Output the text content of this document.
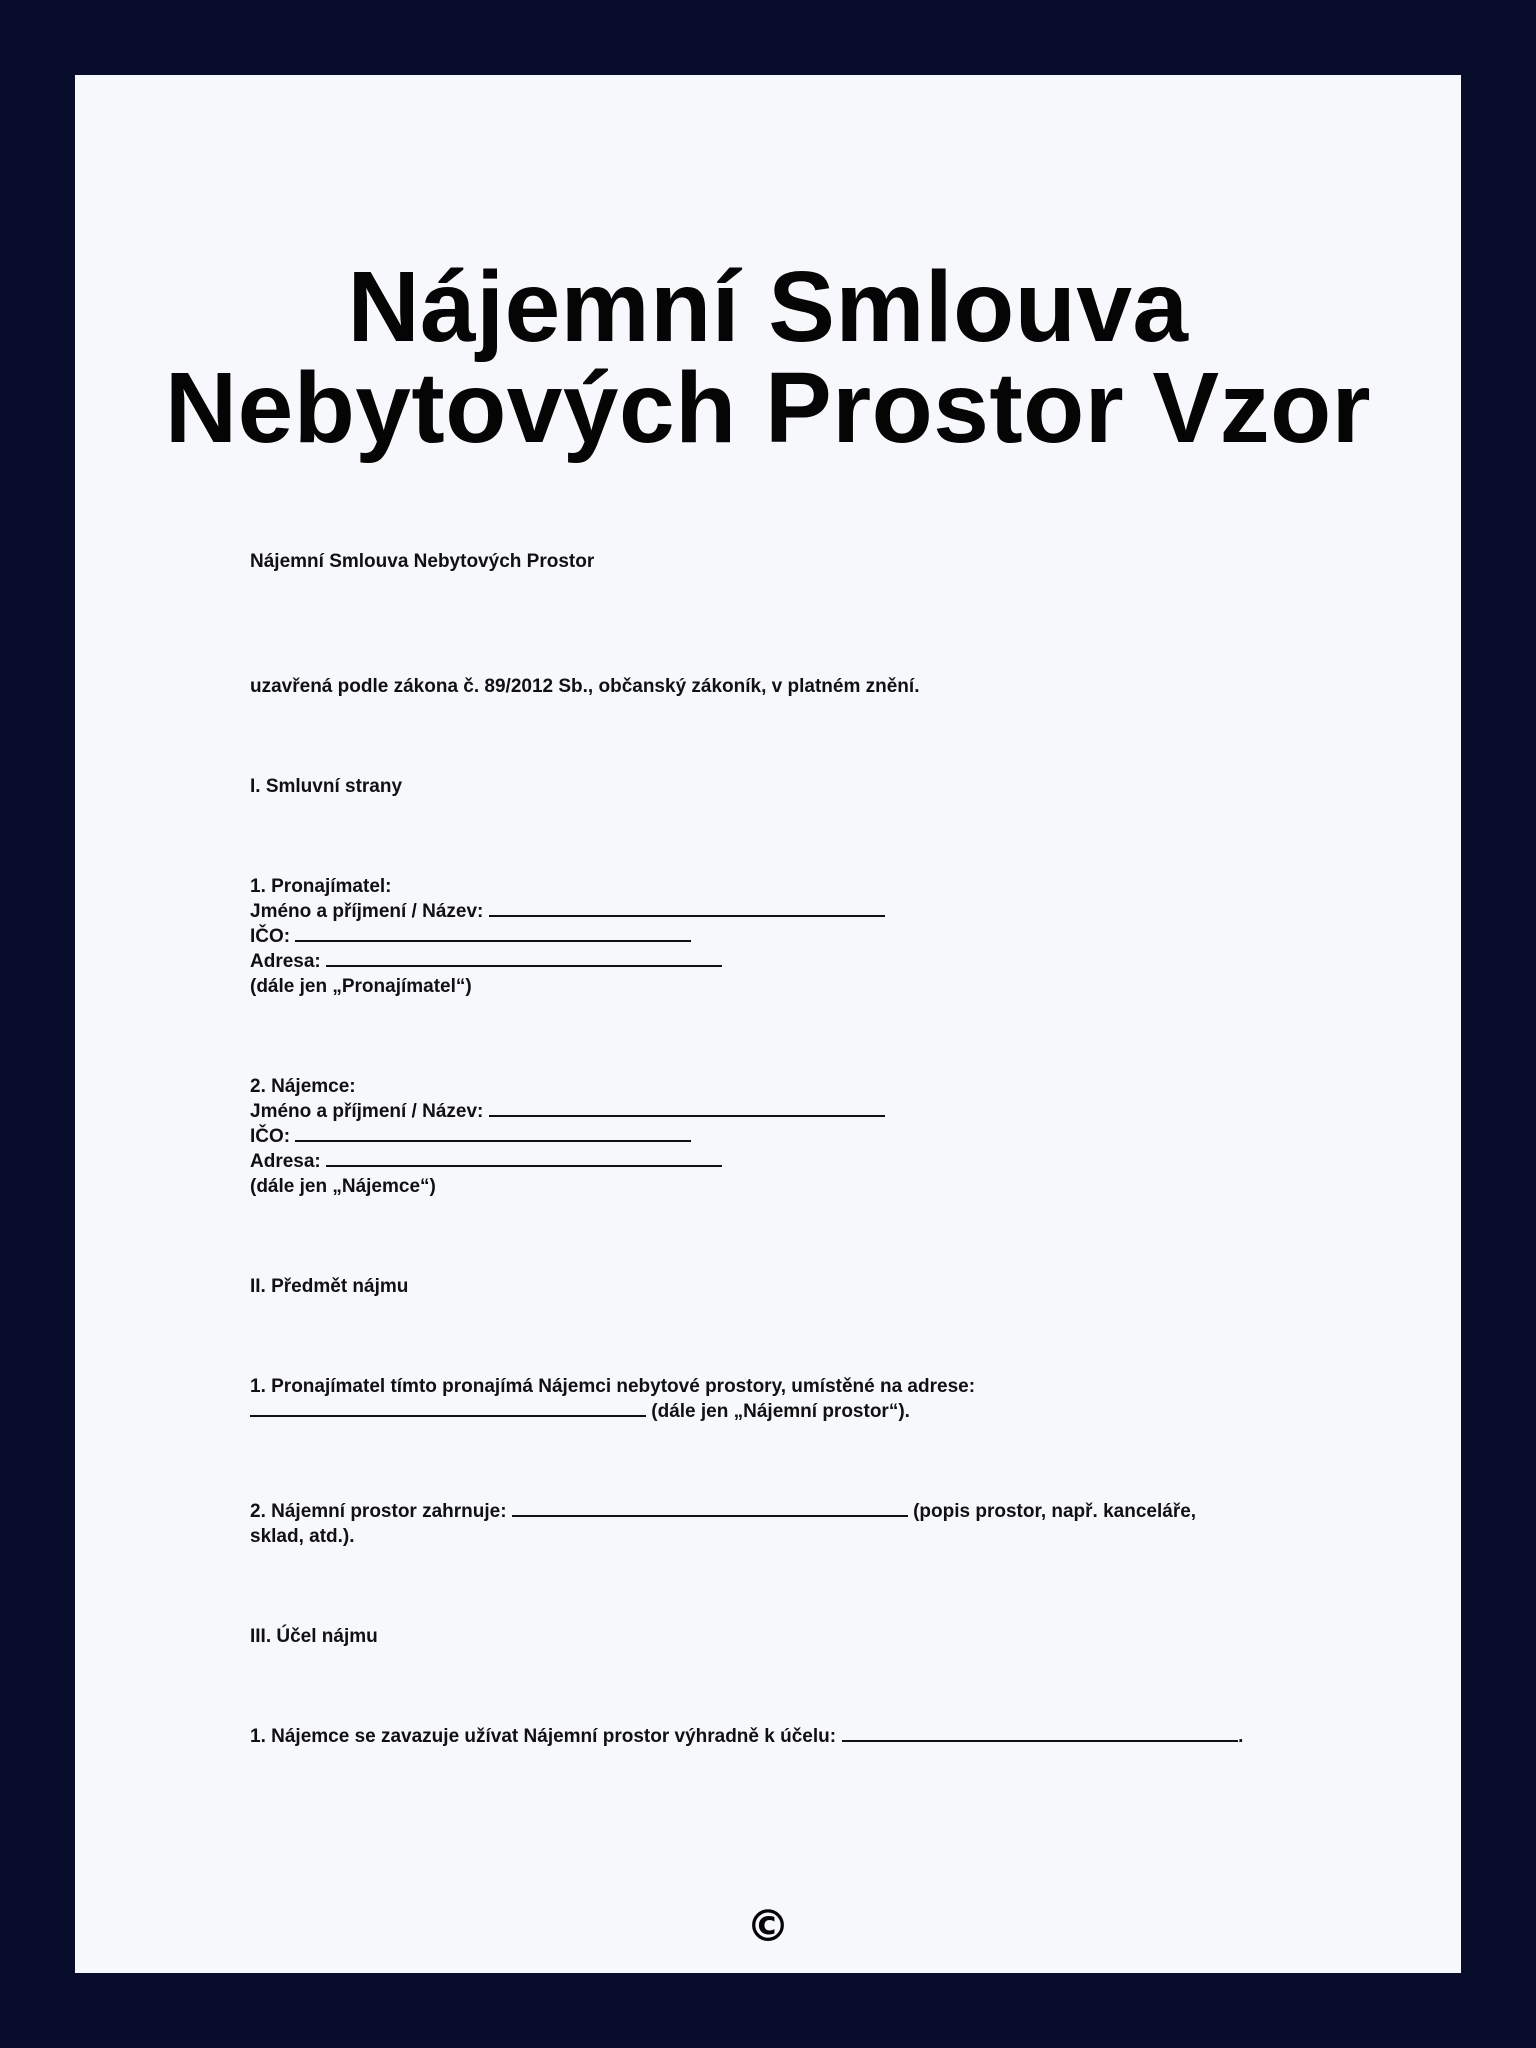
Nájemní Smlouva
Nebytových Prostor Vzor
Nájemní Smlouva Nebytových Prostor
uzavřená podle zákona č. 89/2012 Sb., občanský zákoník, v platném znění.
I. Smluvní strany
1. Pronajímatel:
Jméno a příjmení / Název:
IČO:
Adresa:
(dále jen „Pronajímatel“)
2. Nájemce:
Jméno a příjmení / Název:
IČO:
Adresa:
(dále jen „Nájemce“)
II. Předmět nájmu
1. Pronajímatel tímto pronajímá Nájemci nebytové prostory, umístěné na adrese:
(dále jen „Nájemní prostor“).
2. Nájemní prostor zahrnuje:	(popis prostor, např. kanceláře,
sklad, atd.).
III. Účel nájmu
1. Nájemce se zavazuje užívat Nájemní prostor výhradně k účelu:	.
©
